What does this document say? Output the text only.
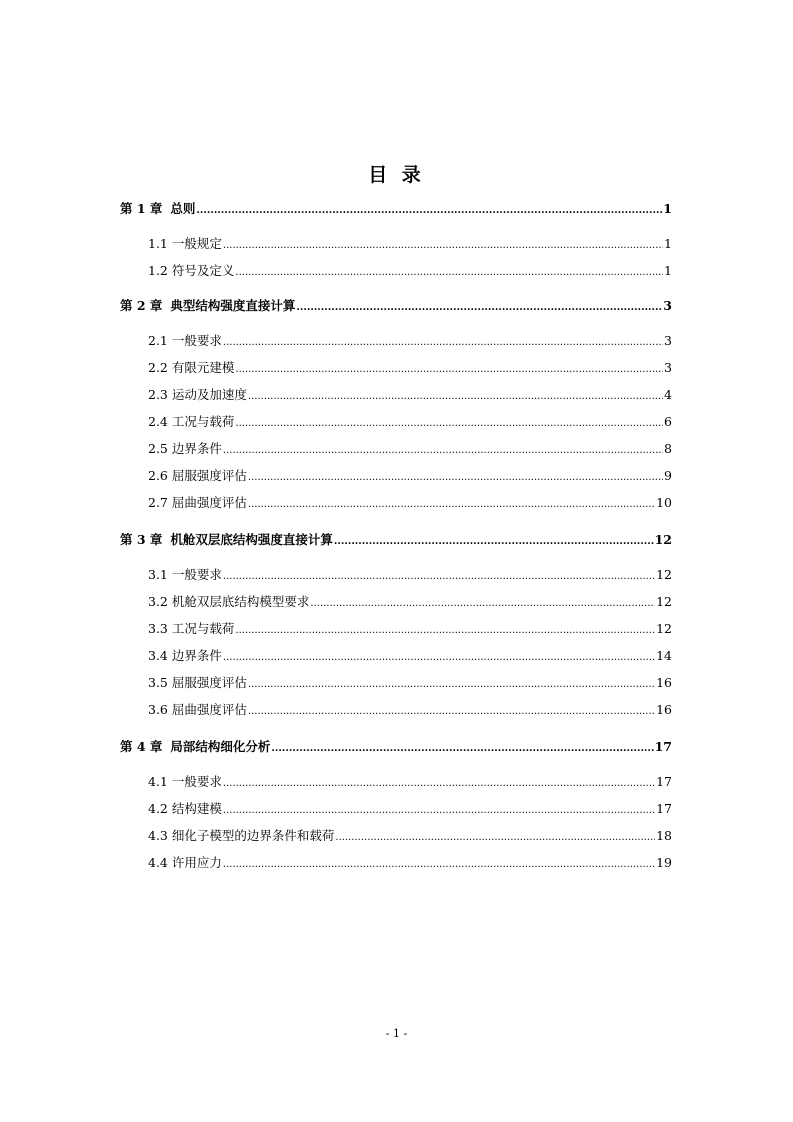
目 录
第 1 章 总则 .....	1
1.1 一般规定 .....	1
1.2 符号及定义 .....	1
第 2 章 典型结构强度直接计算 .....	3
2.1 一般要求 .....	3
2.2 有限元建模 .....	3
2.3 运动及加速度 .....	4
2.4 工况与载荷 .....	6
2.5 边界条件 .....	8
2.6 屈服强度评估 .....	9
2.7 屈曲强度评估 .....	10
第 3 章 机舱双层底结构强度直接计算 .....	12
3.1 一般要求 .....	12
3.2 机舱双层底结构模型要求 .....	12
3.3 工况与载荷 .....	12
3.4 边界条件 .....	14
3.5 屈服强度评估 .....	16
3.6 屈曲强度评估 .....	16
第 4 章 局部结构细化分析 .....	17
4.1 一般要求 .....	17
4.2 结构建模 .....	17
4.3 细化子模型的边界条件和载荷 .....	18
4.4 许用应力 .....	19
- 1 -
